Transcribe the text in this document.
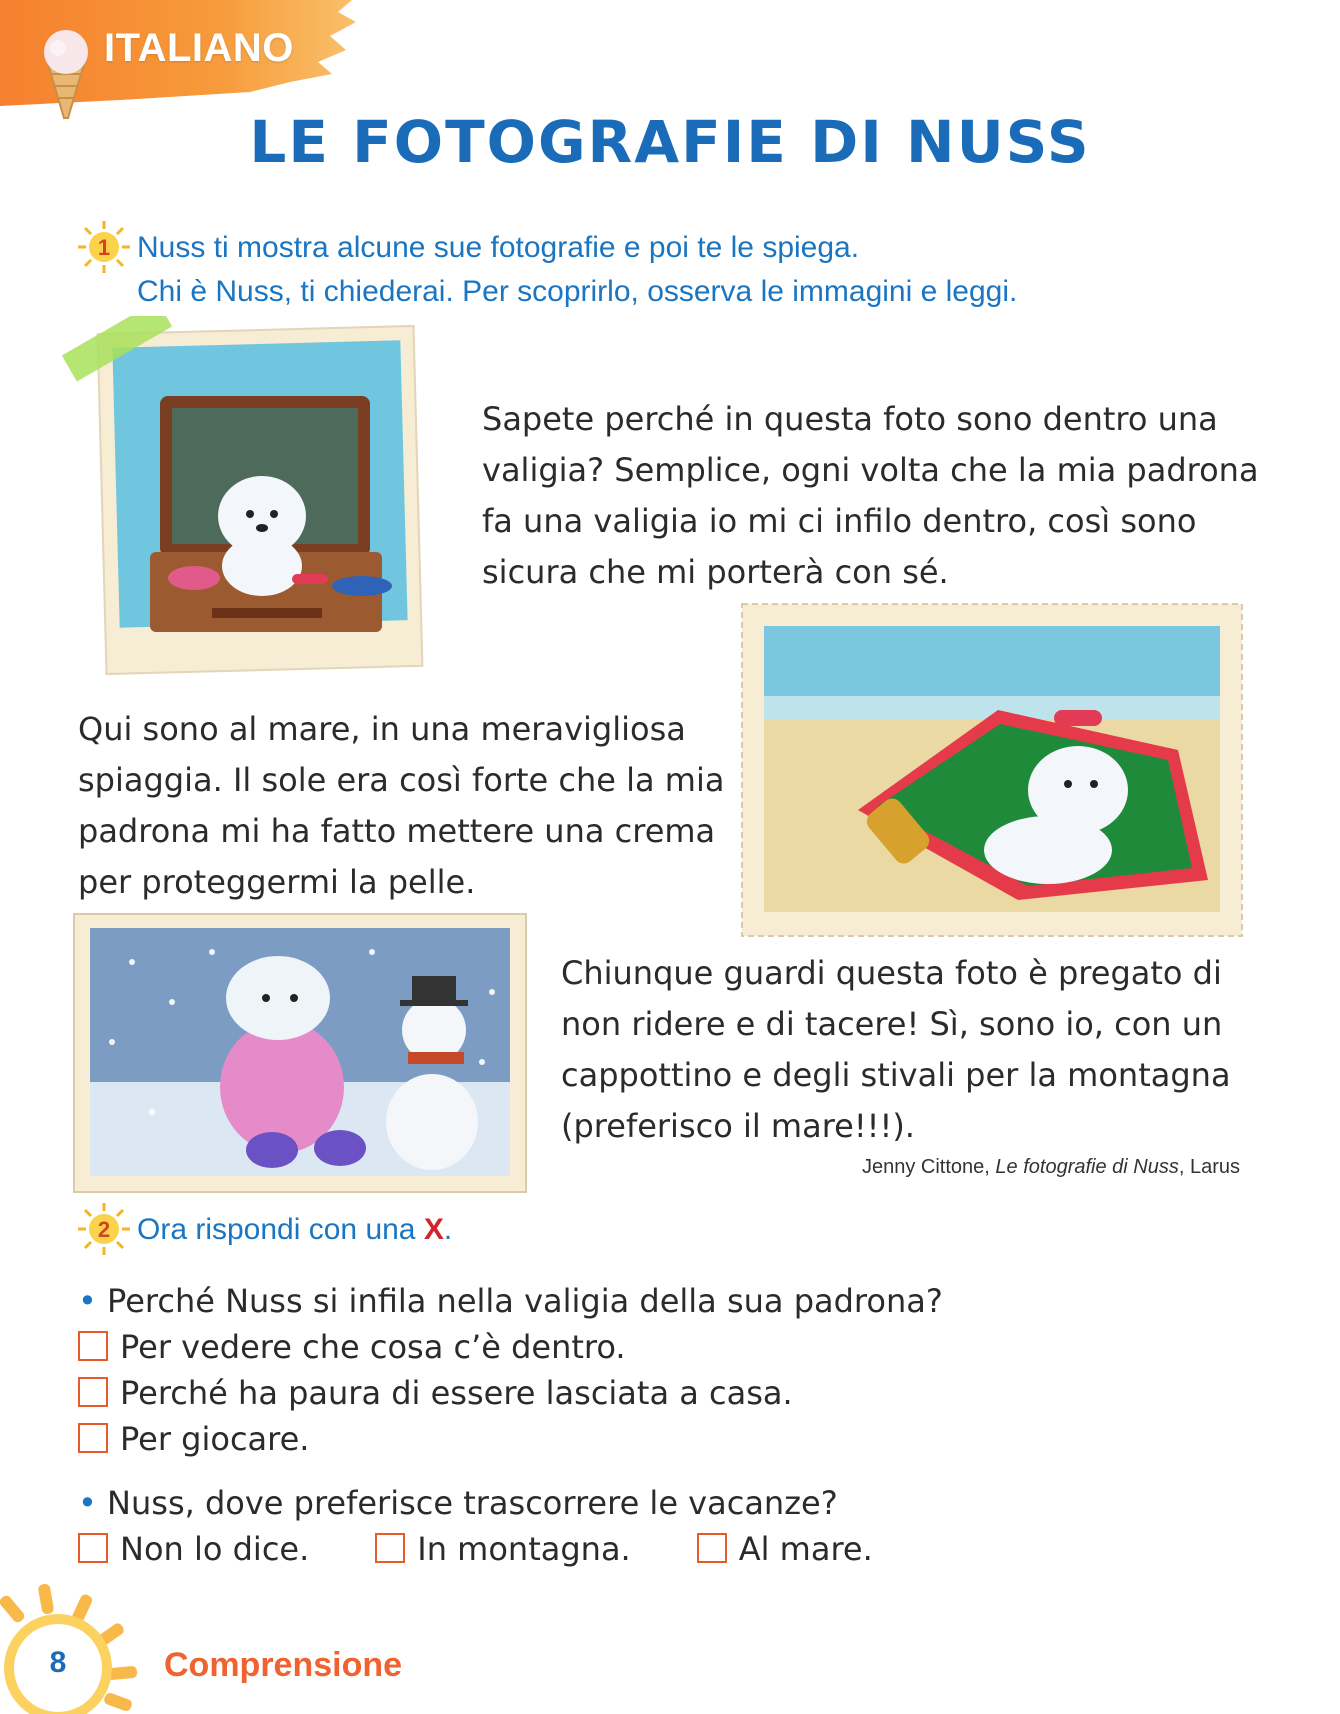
ITALIANO
LE FOTOGRAFIE DI NUSS
1 Nuss ti mostra alcune sue fotografie e poi te le spiega.
Chi è Nuss, ti chiederai. Per scoprirlo, osserva le immagini e leggi.
Sapete perché in questa foto sono dentro una
valigia? Semplice, ogni volta che la mia padrona
fa una valigia io mi ci infilo dentro, così sono
sicura che mi porterà con sé.
Qui sono al mare, in una meravigliosa
spiaggia. Il sole era così forte che la mia
padrona mi ha fatto mettere una crema
per proteggermi la pelle.
Chiunque guardi questa foto è pregato di
non ridere e di tacere! Sì, sono io, con un
cappottino e degli stivali per la montagna
(preferisco il mare!!!).
Jenny Cittone, Le fotografie di Nuss, Larus
2 Ora rispondi con una X.
• Perché Nuss si infila nella valigia della sua padrona?
Per vedere che cosa c’è dentro.
Perché ha paura di essere lasciata a casa.
Per giocare.
• Nuss, dove preferisce trascorrere le vacanze?
Non lo dice.	In montagna.	Al mare.
8	Comprensione
